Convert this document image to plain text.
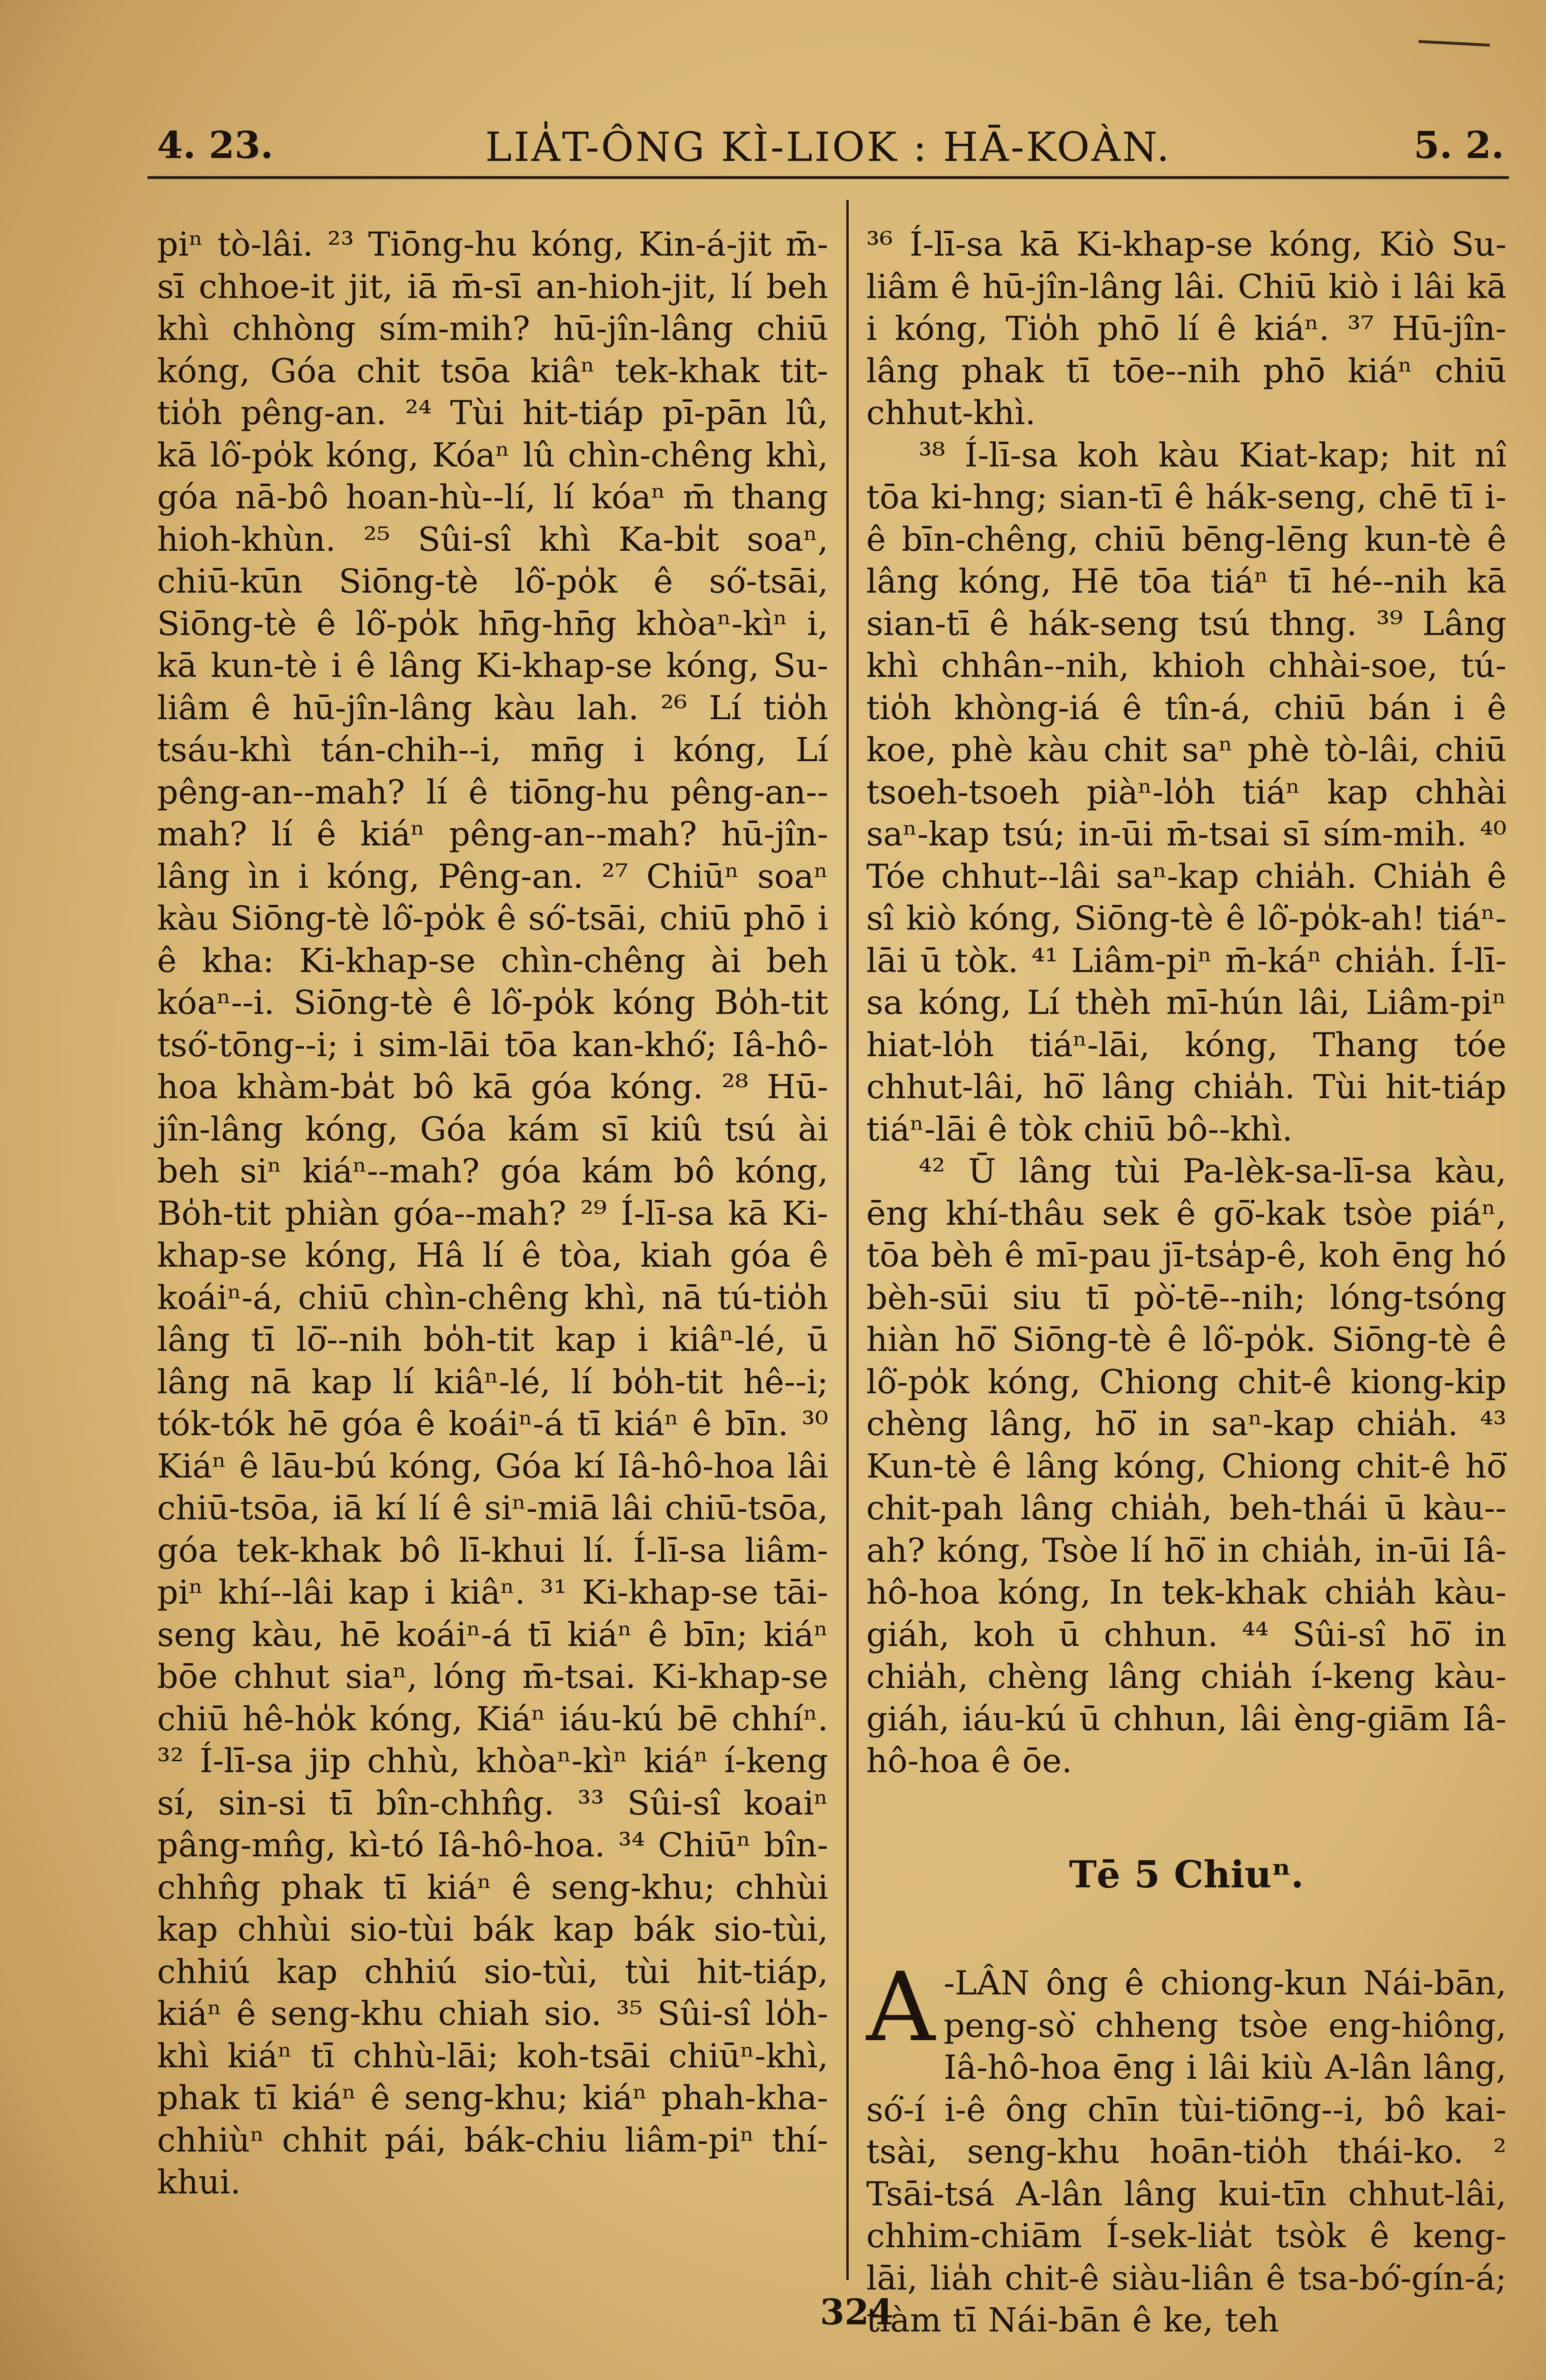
4. 23.	LIA̍T-ÔNG KÌ-LIOK : HĀ-KOÀN.	5. 2.

piⁿ tò-lâi. ²³ Tiōng-hu kóng, Kin-á-jit m̄-sī chhoe-it jit, iā m̄-sī an-hioh-jit, lí beh khì chhòng sím-mih? hū-jîn-lâng chiū kóng, Góa chit tsōa kiâⁿ tek-khak tit-tio̍h pêng-an. ²⁴ Tùi hit-tiáp pī-pān lû, kā lô͘-po̍k kóng, Kóaⁿ lû chìn-chêng khì, góa nā-bô hoan-hù--lí, lí kóaⁿ m̄ thang hioh-khùn. ²⁵ Sûi-sî khì Ka-bi̍t soaⁿ, chiū-kūn Siōng-tè lô͘-po̍k ê só͘-tsāi, Siōng-tè ê lô͘-po̍k hn̄g-hn̄g khòaⁿ-kìⁿ i, kā kun-tè i ê lâng Ki-khap-se kóng, Su-liâm ê hū-jîn-lâng kàu lah. ²⁶ Lí tio̍h tsáu-khì tán-chih--i, mn̄g i kóng, Lí pêng-an--mah? lí ê tiōng-hu pêng-an--mah? lí ê kiáⁿ pêng-an--mah? hū-jîn-lâng ìn i kóng, Pêng-an. ²⁷ Chiūⁿ soaⁿ kàu Siōng-tè lô͘-po̍k ê só͘-tsāi, chiū phō i ê kha: Ki-khap-se chìn-chêng ài beh kóaⁿ--i. Siōng-tè ê lô͘-po̍k kóng Bo̍h-tit tsó͘-tōng--i; i sim-lāi tōa kan-khó͘; Iâ-hô-hoa khàm-ba̍t bô kā góa kóng. ²⁸ Hū-jîn-lâng kóng, Góa kám sī kiû tsú ài beh siⁿ kiáⁿ--mah? góa kám bô kóng, Bo̍h-tit phiàn góa--mah? ²⁹ Í-lī-sa kā Ki-khap-se kóng, Hâ lí ê tòa, kiah góa ê koáiⁿ-á, chiū chìn-chêng khì, nā tú-tio̍h lâng tī lō͘--nih bo̍h-tit kap i kiâⁿ-lé, ū lâng nā kap lí kiâⁿ-lé, lí bo̍h-tit hê--i; tók-tók hē góa ê koáiⁿ-á tī kiáⁿ ê bīn. ³⁰ Kiáⁿ ê lāu-bú kóng, Góa kí Iâ-hô-hoa lâi chiū-tsōa, iā kí lí ê siⁿ-miā lâi chiū-tsōa, góa tek-khak bô lī-khui lí. Í-lī-sa liâm-piⁿ khí--lâi kap i kiâⁿ. ³¹ Ki-khap-se tāi-seng kàu, hē koáiⁿ-á tī kiáⁿ ê bīn; kiáⁿ bōe chhut siaⁿ, lóng m̄-tsai. Ki-khap-se chiū hê-ho̍k kóng, Kiáⁿ iáu-kú bē chhíⁿ. ³² Í-lī-sa jip chhù, khòaⁿ-kìⁿ kiáⁿ í-keng sí, sin-si tī bîn-chhn̂g. ³³ Sûi-sî koaiⁿ pâng-mn̂g, kì-tó Iâ-hô-hoa. ³⁴ Chiūⁿ bîn-chhn̂g phak tī kiáⁿ ê seng-khu; chhùi kap chhùi sio-tùi bák kap bák sio-tùi, chhiú kap chhiú sio-tùi, tùi hit-tiáp, kiáⁿ ê seng-khu chiah sio. ³⁵ Sûi-sî lo̍h-khì kiáⁿ tī chhù-lāi; koh-tsāi chiūⁿ-khì, phak tī kiáⁿ ê seng-khu; kiáⁿ phah-kha-chhiùⁿ chhit pái, bák-chiu liâm-piⁿ thí-khui.

³⁶ Í-lī-sa kā Ki-khap-se kóng, Kiò Su-liâm ê hū-jîn-lâng lâi. Chiū kiò i lâi kā i kóng, Tio̍h phō lí ê kiáⁿ. ³⁷ Hū-jîn-lâng phak tī tōe--nih phō kiáⁿ chiū chhut-khì.

³⁸ Í-lī-sa koh kàu Kiat-kap; hit nî tōa ki-hng; sian-tī ê hák-seng, chē tī i-ê bīn-chêng, chiū bēng-lēng kun-tè ê lâng kóng, Hē tōa tiáⁿ tī hé--nih kā sian-tī ê hák-seng tsú thng. ³⁹ Lâng khì chhân--nih, khioh chhài-soe, tú-tio̍h khòng-iá ê tîn-á, chiū bán i ê koe, phè kàu chit saⁿ phè tò-lâi, chiū tsoeh-tsoeh piàⁿ-lo̍h tiáⁿ kap chhài saⁿ-kap tsú; in-ūi m̄-tsai sī sím-mih. ⁴⁰ Tóe chhut--lâi saⁿ-kap chia̍h. Chia̍h ê sî kiò kóng, Siōng-tè ê lô͘-po̍k-ah! tiáⁿ-lāi ū tòk. ⁴¹ Liâm-piⁿ m̄-káⁿ chia̍h. Í-lī-sa kóng, Lí thèh mī-hún lâi, Liâm-piⁿ hiat-lo̍h tiáⁿ-lāi, kóng, Thang tóe chhut-lâi, hō͘ lâng chia̍h. Tùi hit-tiáp tiáⁿ-lāi ê tòk chiū bô--khì.

⁴² Ū lâng tùi Pa-lèk-sa-lī-sa kàu, ēng khí-thâu sek ê gō͘-kak tsòe piáⁿ, tōa bèh ê mī-pau jī-tsa̍p-ê, koh ēng hó bèh-sūi siu tī pò͘-tē--nih; lóng-tsóng hiàn hō͘ Siōng-tè ê lô͘-po̍k. Siōng-tè ê lô͘-po̍k kóng, Chiong chit-ê kiong-kip chèng lâng, hō͘ in saⁿ-kap chia̍h. ⁴³ Kun-tè ê lâng kóng, Chiong chit-ê hō͘ chit-pah lâng chia̍h, beh-thái ū kàu--ah? kóng, Tsòe lí hō͘ in chia̍h, in-ūi Iâ-hô-hoa kóng, In tek-khak chia̍h kàu-giáh, koh ū chhun. ⁴⁴ Sûi-sî hō͘ in chia̍h, chèng lâng chia̍h í-keng kàu-giáh, iáu-kú ū chhun, lâi èng-giām Iâ-hô-hoa ê ōe.

Tē 5 Chiuⁿ.

A -LÂN ông ê chiong-kun Nái-bān, peng-sò͘ chheng tsòe eng-hiông, Iâ-hô-hoa ēng i lâi kiù A-lân lâng, só͘-í i-ê ông chīn tùi-tiōng--i, bô kai-tsài, seng-khu hoān-tio̍h thái-ko. ² Tsāi-tsá A-lân lâng kui-tīn chhut-lâi, chhim-chiām Í-sek-lia̍t tsòk ê keng-lāi, lia̍h chit-ê siàu-liân ê tsa-bó͘-gín-á; tiàm tī Nái-bān ê ke, teh

324
